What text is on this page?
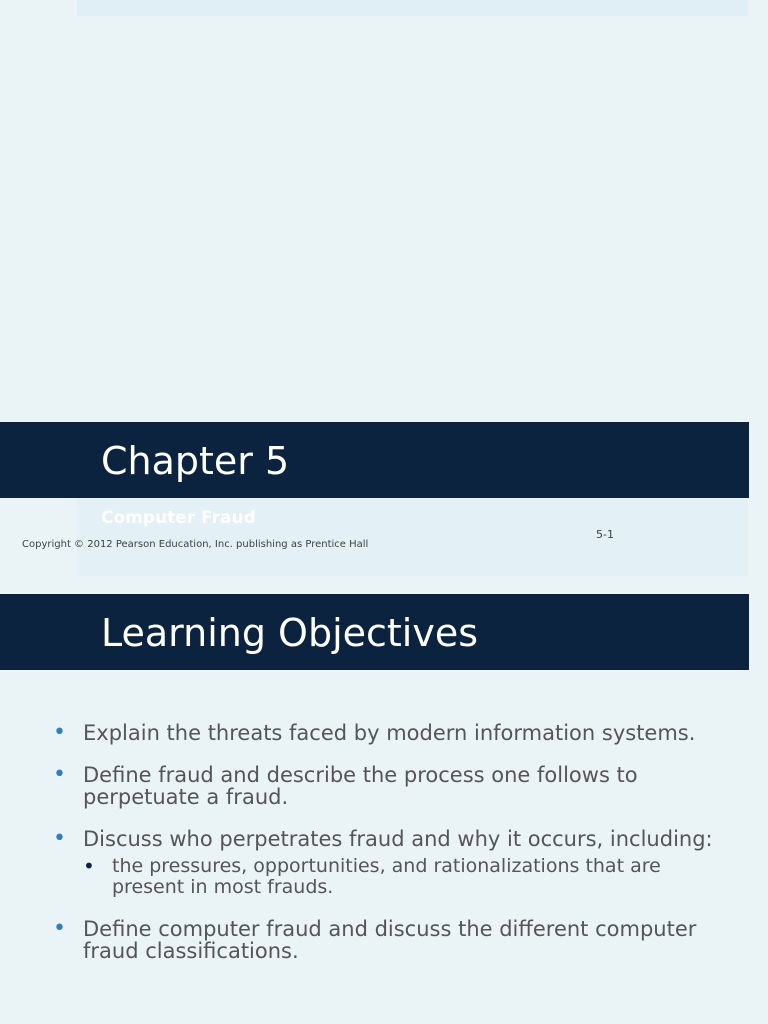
Chapter 5
Computer Fraud
Copyright © 2012 Pearson Education, Inc. publishing as Prentice Hall
5-1
Learning Objectives
• Explain the threats faced by modern information systems.
• Define fraud and describe the process one follows to perpetuate a fraud.
• Discuss who perpetrates fraud and why it occurs, including:
• the pressures, opportunities, and rationalizations that are present in most frauds.
• Define computer fraud and discuss the different computer fraud classifications.
